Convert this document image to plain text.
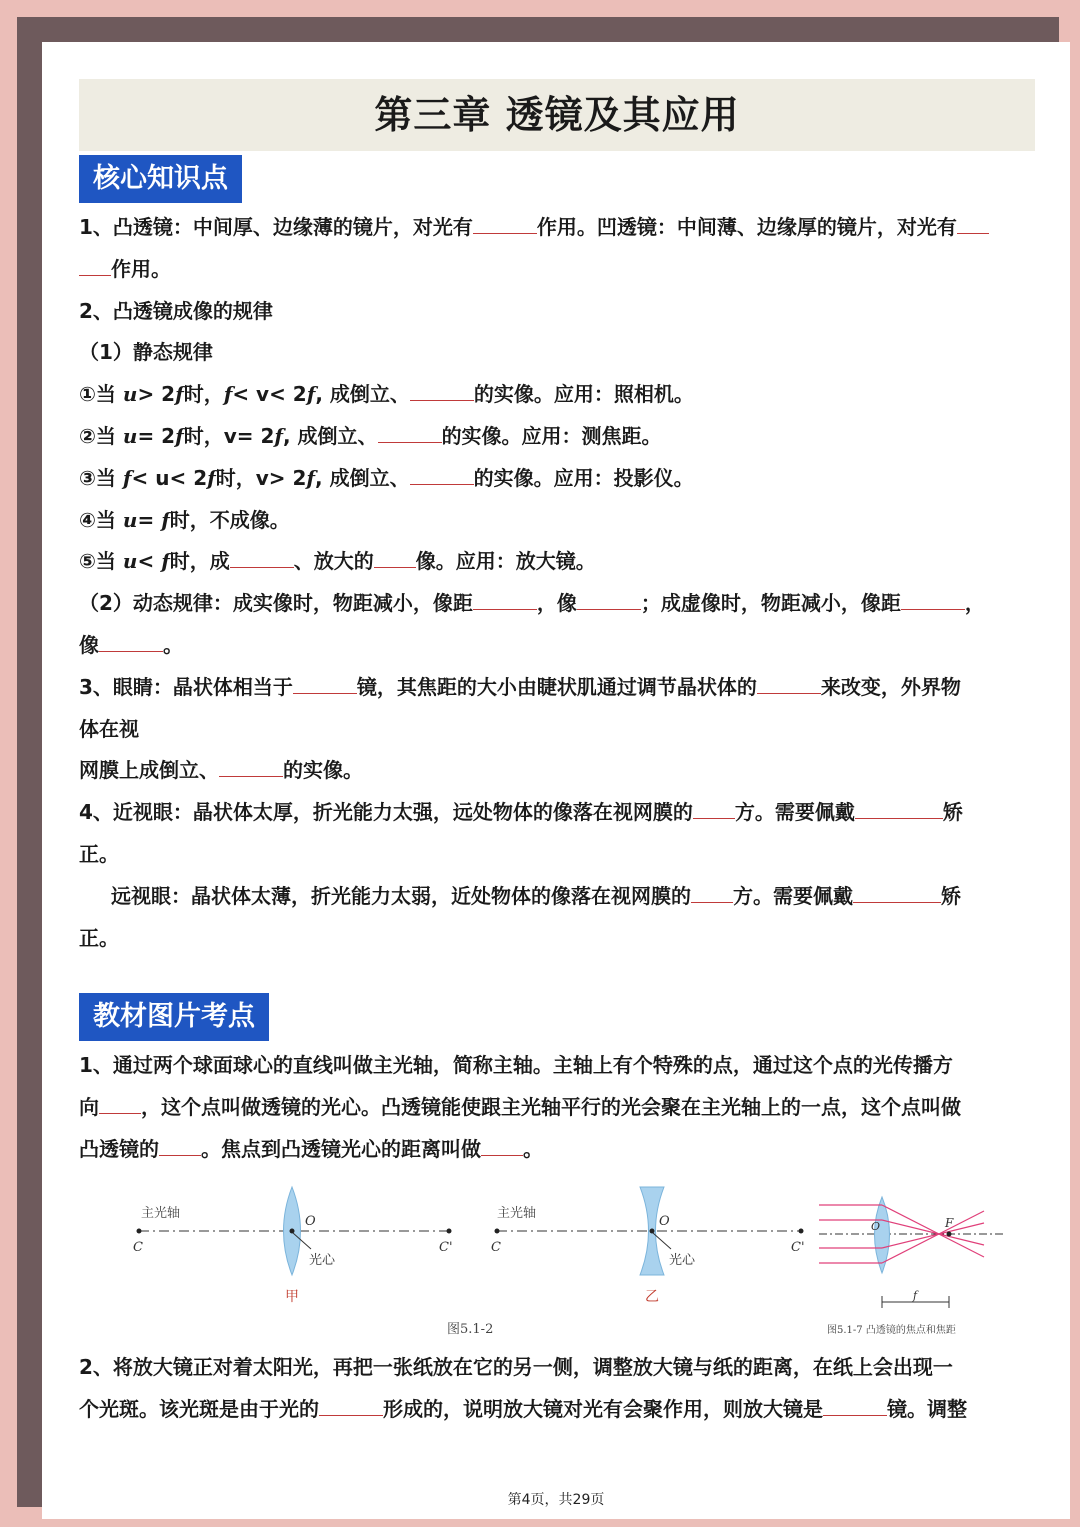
第三章 透镜及其应用
核心知识点
1、凸透镜：中间厚、边缘薄的镜片，对光有	作用。凹透镜：中间薄、边缘厚的镜片，对光有
作用。
2、凸透镜成像的规律
（1）静态规律
①当 u> 2f时，f< v< 2f, 成倒立、	的实像。应用：照相机。
②当 u= 2f时，v= 2f, 成倒立、	的实像。应用：测焦距。
③当 f< u< 2f时，v> 2f, 成倒立、	的实像。应用：投影仪。
④当 u= f时，不成像。
⑤当 u< f时，成	、放大的 像。应用：放大镜。
（2）动态规律：成实像时，物距减小，像距	，像	；成虚像时，物距减小，像距	，
像	。
3、眼睛：晶状体相当于	镜，其焦距的大小由睫状肌通过调节晶状体的	来改变，外界物
体在视
网膜上成倒立、	的实像。
4、近视眼：晶状体太厚，折光能力太强，远处物体的像落在视网膜的 方。需要佩戴	矫
正。
远视眼：晶状体太薄，折光能力太弱，近处物体的像落在视网膜的 方。需要佩戴	矫
正。
教材图片考点
1、通过两个球面球心的直线叫做主光轴，简称主轴。主轴上有个特殊的点，通过这个点的光传播方
向 ，这个点叫做透镜的光心。凸透镜能使跟主光轴平行的光会聚在主光轴上的一点，这个点叫做
凸透镜的 。焦点到凸透镜光心的距离叫做 。
主光轴
C	C'
O
光心
甲
主光轴
C	C'
O
光心
乙
图5.1-2
F
O
f
图5.1-7 凸透镜的焦点和焦距
2、将放大镜正对着太阳光，再把一张纸放在它的另一侧，调整放大镜与纸的距离，在纸上会出现一
个光斑。该光斑是由于光的	形成的，说明放大镜对光有会聚作用，则放大镜是	镜。调整
第4页，共29页
